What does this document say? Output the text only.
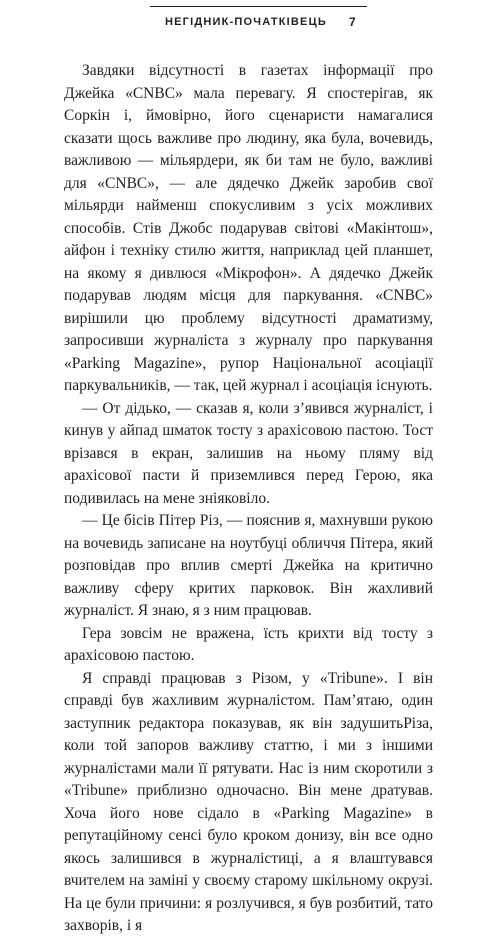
НЕГІДНИК-ПОЧАТКІВЕЦЬ 7

Завдяки відсутності в газетах інформації про Джейка «CNBC» мала перевагу. Я спостерігав, як Соркін і, ймовірно, його сценаристи намагалися сказати щось важливе про людину, яка була, вочевидь, важливою — мільярдери, як би там не було, важливі для «CNBC», — але дядечко Джейк заробив свої мільярди найменш спокусливим з усіх можливих способів. Стів Джобс подарував світові «Макінтош», айфон і техніку стилю життя, наприклад цей планшет, на якому я дивлюся «Мікрофон». А дядечко Джейк подарував людям місця для паркування. «CNBC» вирішили цю проблему відсутності драматизму, запросивши журналіста з журналу про паркування «Parking Magazine», рупор Національної асоціації паркувальників, — так, цей журнал і асоціація існують.

— От дідько, — сказав я, коли з’явився журналіст, і кинув у айпад шматок тосту з арахісовою пастою. Тост врізався в екран, залишив на ньому пляму від арахісової пасти й приземлився перед Герою, яка подивилась на мене зніяковіло.

— Це бісів Пітер Різ, — пояснив я, махнувши рукою на вочевидь записане на ноутбуці обличчя Пітера, який розповідав про вплив смерті Джейка на критично важливу сферу критих парковок. Він жахливий журналіст. Я знаю, я з ним працював.

Гера зовсім не вражена, їсть крихти від тосту з арахісовою пастою.

Я справді працював з Різом, у «Tribune». І він справді був жахливим журналістом. Пам’ятаю, один заступник редактора показував, як він задушитьРіза, коли той запоров важливу статтю, і ми з іншими журналістами мали її рятувати. Нас із ним скоротили з «Tribune» приблизно одночасно. Він мене дратував. Хоча його нове сідало в «Parking Magazine» в репутаційному сенсі було кроком донизу, він все одно якось залишився в журналістиці, а я влаштувався вчителем на заміні у своєму старому шкільному окрузі. На це були причини: я розлучився, я був розбитий, тато захворів, і я
